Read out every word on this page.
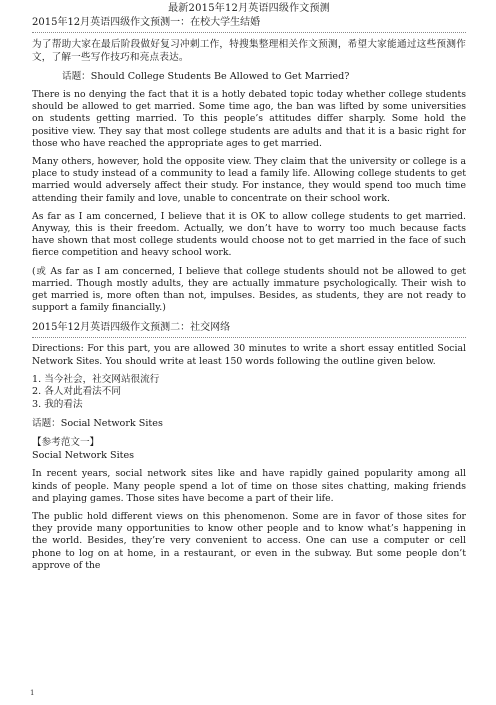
最新2015年12月英语四级作文预测
2015年12月英语四级作文预测一：在校大学生结婚

为了帮助大家在最后阶段做好复习冲刺工作，特搜集整理相关作文预测，希望大家能通过这些预测作文，了解一些写作技巧和亮点表达。

话题：Should College Students Be Allowed to Get Married?

There is no denying the fact that it is a hotly debated topic today whether college students should be allowed to get married. Some time ago, the ban was lifted by some universities on students getting married. To this people’s attitudes differ sharply. Some hold the positive view. They say that most college students are adults and that it is a basic right for those who have reached the appropriate ages to get married.

Many others, however, hold the opposite view. They claim that the university or college is a place to study instead of a community to lead a family life. Allowing college students to get married would adversely affect their study. For instance, they would spend too much time attending their family and love, unable to concentrate on their school work.

As far as I am concerned, I believe that it is OK to allow college students to get married. Anyway, this is their freedom. Actually, we don’t have to worry too much because facts have shown that most college students would choose not to get married in the face of such fierce competition and heavy school work.

(或 As far as I am concerned, I believe that college students should not be allowed to get married. Though mostly adults, they are actually immature psychologically. Their wish to get married is, more often than not, impulses. Besides, as students, they are not ready to support a family financially.)

2015年12月英语四级作文预测二：社交网络

Directions: For this part, you are allowed 30 minutes to write a short essay entitled Social Network Sites. You should write at least 150 words following the outline given below.

1. 当今社会，社交网站很流行
2. 各人对此看法不同
3. 我的看法
话题：Social Network Sites
【参考范文一】
Social Network Sites

In recent years, social network sites like and have rapidly gained popularity among all kinds of people. Many people spend a lot of time on those sites chatting, making friends and playing games. Those sites have become a part of their life.

The public hold different views on this phenomenon. Some are in favor of those sites for they provide many opportunities to know other people and to know what’s happening in the world. Besides, they’re very convenient to access. One can use a computer or cell phone to log on at home, in a restaurant, or even in the subway. But some people don’t approve of the

1
